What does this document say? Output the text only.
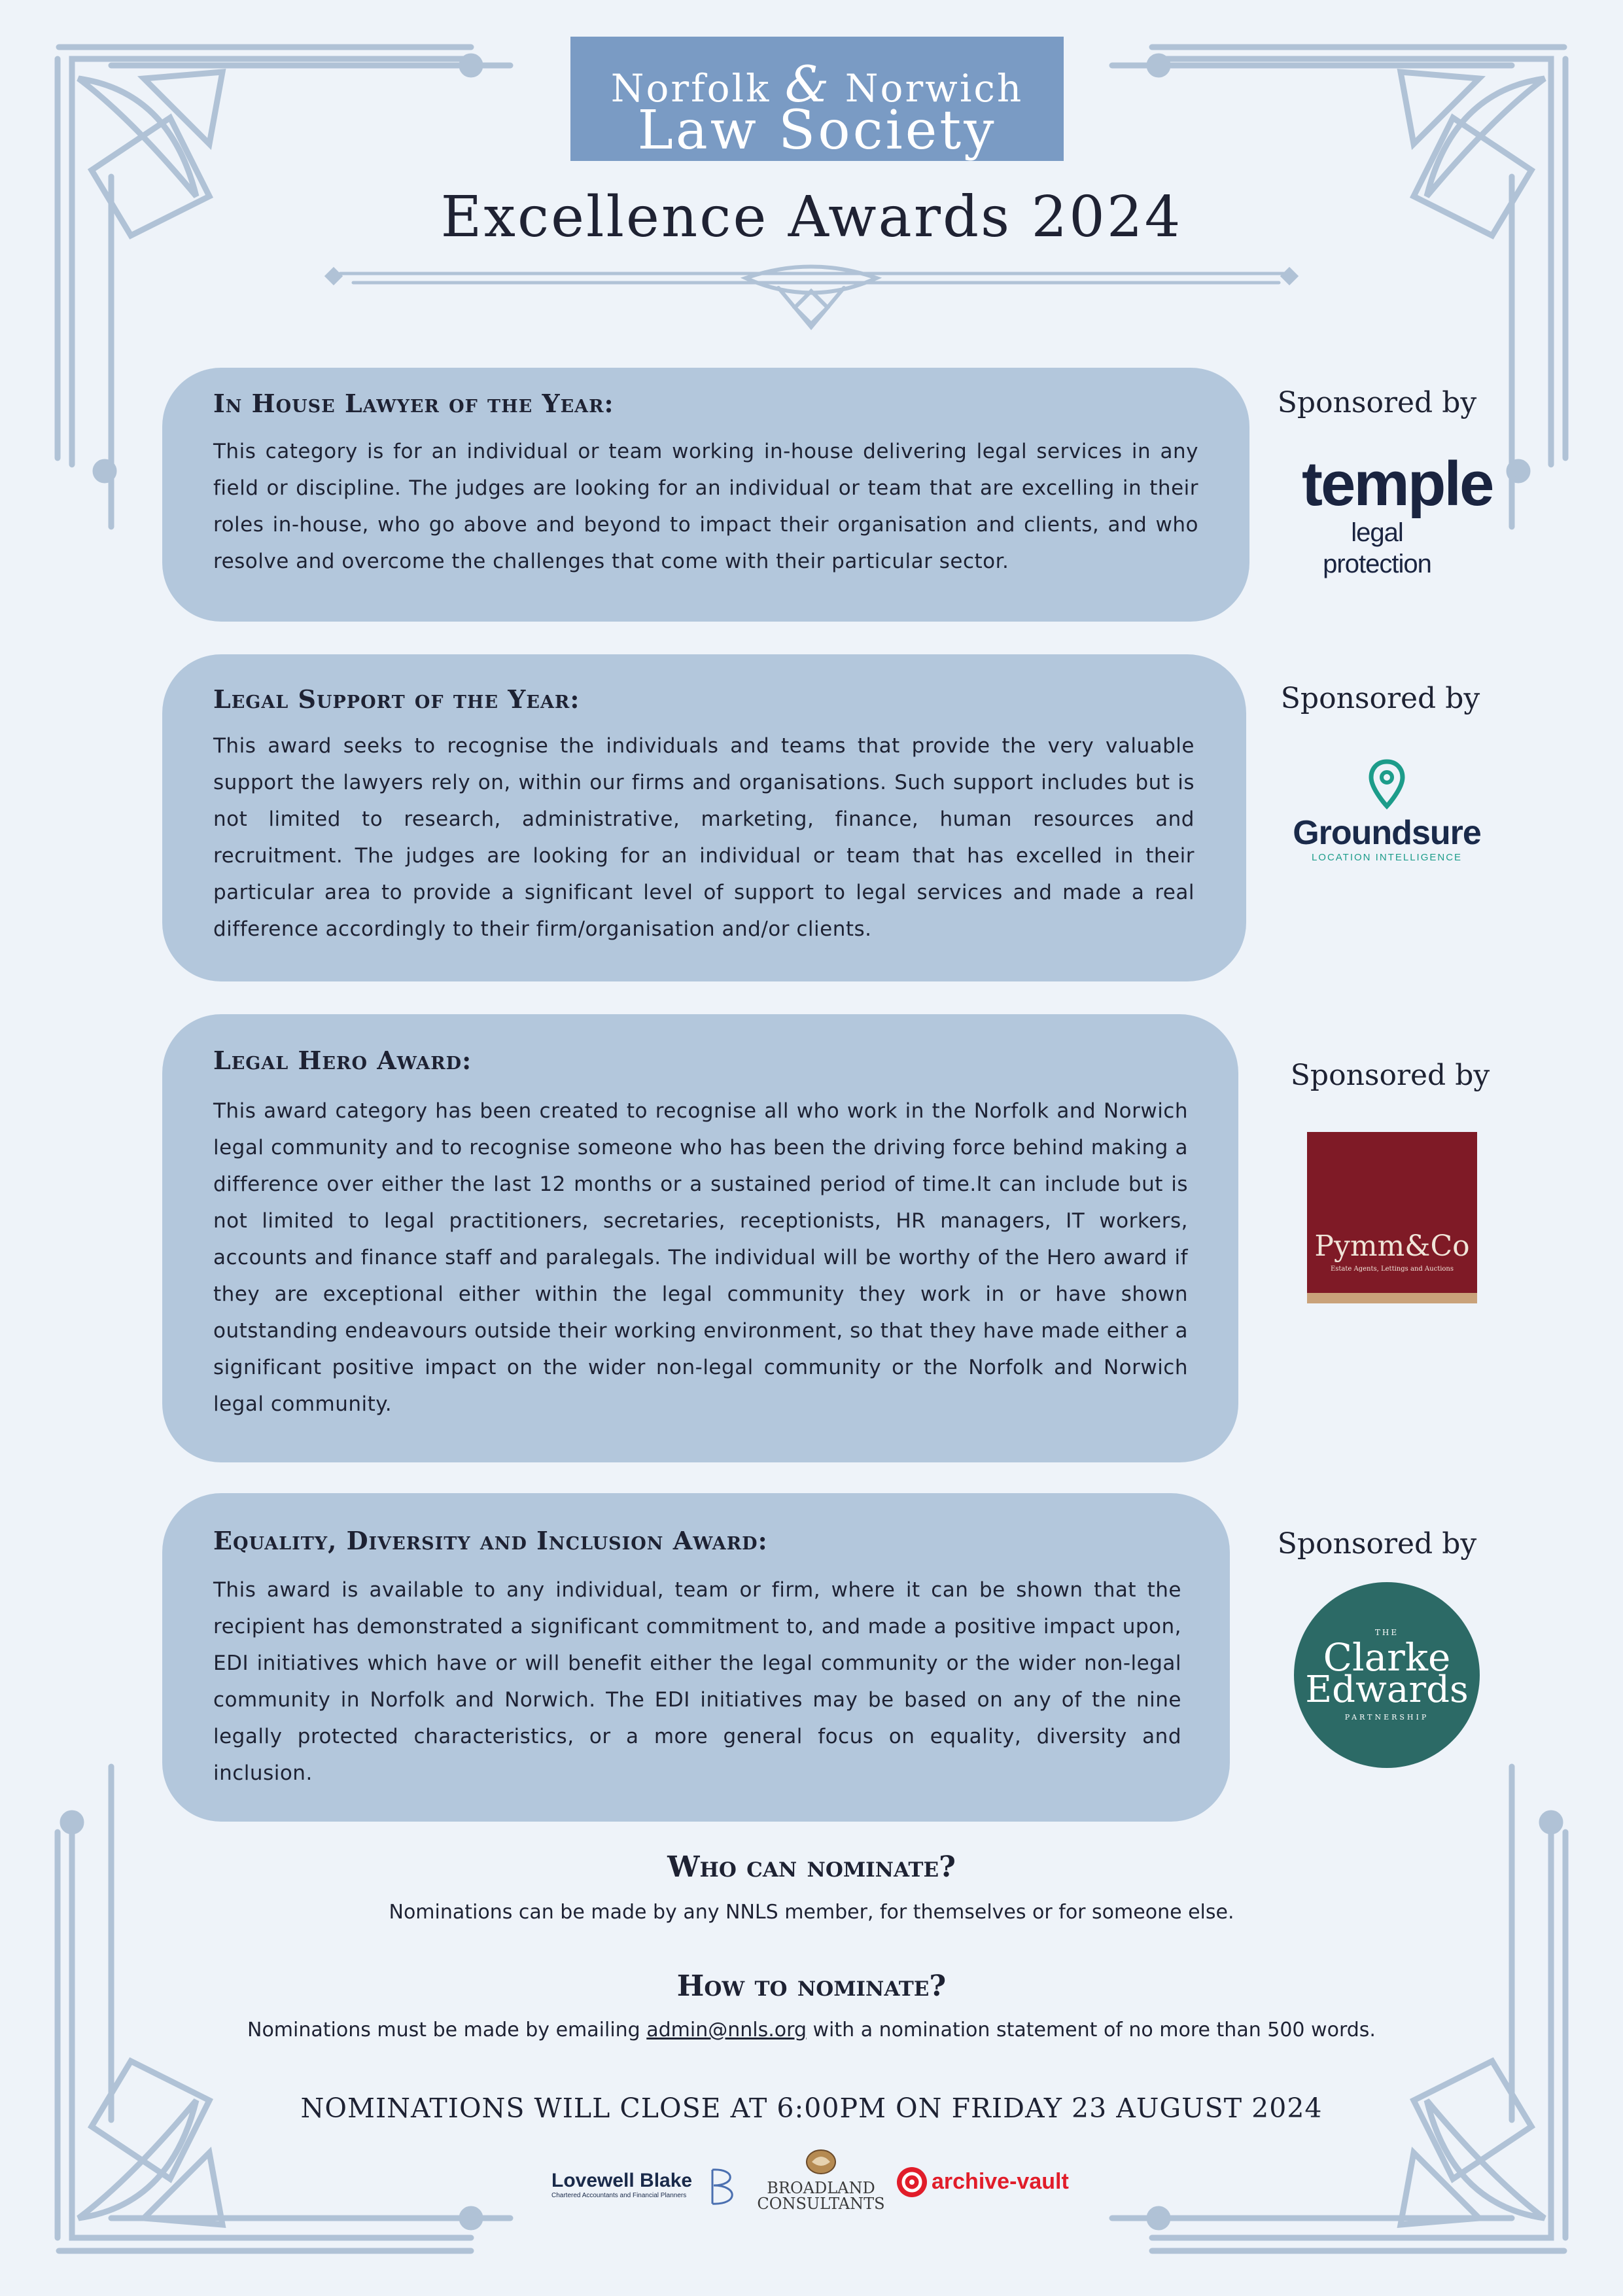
Norfolk & Norwich
Law Society
Excellence Awards 2024
In House Lawyer of the Year:
This category is for an individual or team working in-house delivering legal services in any field or discipline. The judges are looking for an individual or team that are excelling in their roles in-house, who go above and beyond to impact their organisation and clients, and who resolve and overcome the challenges that come with their particular sector.
Sponsored by
temple
legal protection
Legal Support of the Year:
This award seeks to recognise the individuals and teams that provide the very valuable support the lawyers rely on, within our firms and organisations. Such support includes but is not limited to research, administrative, marketing, finance, human resources and recruitment. The judges are looking for an individual or team that has excelled in their particular area to provide a significant level of support to legal services and made a real difference accordingly to their firm/organisation and/or clients.
Sponsored by
Groundsure
LOCATION INTELLIGENCE
Legal Hero Award:
This award category has been created to recognise all who work in the Norfolk and Norwich legal community and to recognise someone who has been the driving force behind making a difference over either the last 12 months or a sustained period of time.It can include but is not limited to legal practitioners, secretaries, receptionists, HR managers, IT workers, accounts and finance staff and paralegals. The individual will be worthy of the Hero award if they are exceptional either within the legal community they work in or have shown outstanding endeavours outside their working environment, so that they have made either a significant positive impact on the wider non-legal community or the Norfolk and Norwich legal community.
Sponsored by
Pymm&Co
Estate Agents, Lettings and Auctions
Equality, Diversity and Inclusion Award:
This award is available to any individual, team or firm, where it can be shown that the recipient has demonstrated a significant commitment to, and made a positive impact upon, EDI initiatives which have or will benefit either the legal community or the wider non-legal community in Norfolk and Norwich. The EDI initiatives may be based on any of the nine legally protected characteristics, or a more general focus on equality, diversity and inclusion.
Sponsored by
THE
Clarke
Edwards
PARTNERSHIP
Who can nominate?
Nominations can be made by any NNLS member, for themselves or for someone else.
How to nominate?
Nominations must be made by emailing admin@nnls.org with a nomination statement of no more than 500 words.
NOMINATIONS WILL CLOSE AT 6:00PM ON FRIDAY 23 AUGUST 2024
Lovewell Blake
Chartered Accountants and Financial Planners	BROADLAND
CONSULTANTS
archive-vault
